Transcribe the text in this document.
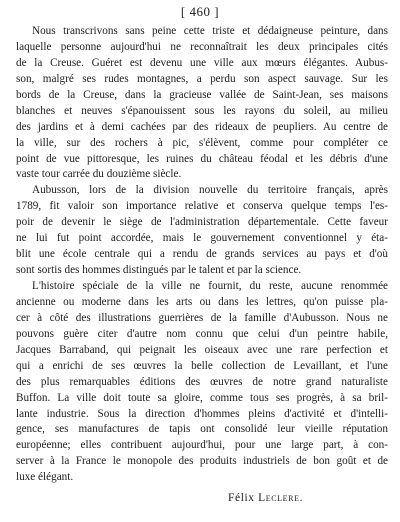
[ 460 ]
Nous transcrivons sans peine cette triste et dédaigneuse peinture, dans
laquelle personne aujourd'hui ne reconnaîtrait les deux principales cités
de la Creuse. Guéret est devenu une ville aux mœurs élégantes. Aubus-
son, malgré ses rudes montagnes, a perdu son aspect sauvage. Sur les
bords de la Creuse, dans la gracieuse vallée de Saint-Jean, ses maisons
blanches et neuves s'épanouissent sous les rayons du soleil, au milieu
des jardins et à demi cachées par des rideaux de peupliers. Au centre de
la ville, sur des rochers à pic, s'élèvent, comme pour compléter ce
point de vue pittoresque, les ruines du château féodal et les débris d'une
vaste tour carrée du douzième siècle.
Aubusson, lors de la division nouvelle du territoire français, après
1789, fit valoir son importance relative et conserva quelque temps l'es-
poir de devenir le siège de l'administration départementale. Cette faveur
ne lui fut point accordée, mais le gouvernement conventionnel y éta-
blit une école centrale qui a rendu de grands services au pays et d'où
sont sortis des hommes distingués par le talent et par la science.
L'histoire spéciale de la ville ne fournit, du reste, aucune renommée
ancienne ou moderne dans les arts ou dans les lettres, qu'on puisse pla-
cer à côté des illustrations guerrières de la famille d'Aubusson. Nous ne
pouvons guère citer d'autre nom connu que celui d'un peintre habile,
Jacques Barraband, qui peignait les oiseaux avec une rare perfection et
qui a enrichi de ses œuvres la belle collection de Levaillant, et l'une
des plus remarquables éditions des œuvres de notre grand naturaliste
Buffon. La ville doit toute sa gloire, comme tous ses progrès, à sa bril-
lante industrie. Sous la direction d'hommes pleins d'activité et d'intelli-
gence, ses manufactures de tapis ont consolidé leur vieille réputation
européenne; elles contribuent aujourd'hui, pour une large part, à con-
server à la France le monopole des produits industriels de bon goût et de
luxe élégant.
Félix Leclere.
